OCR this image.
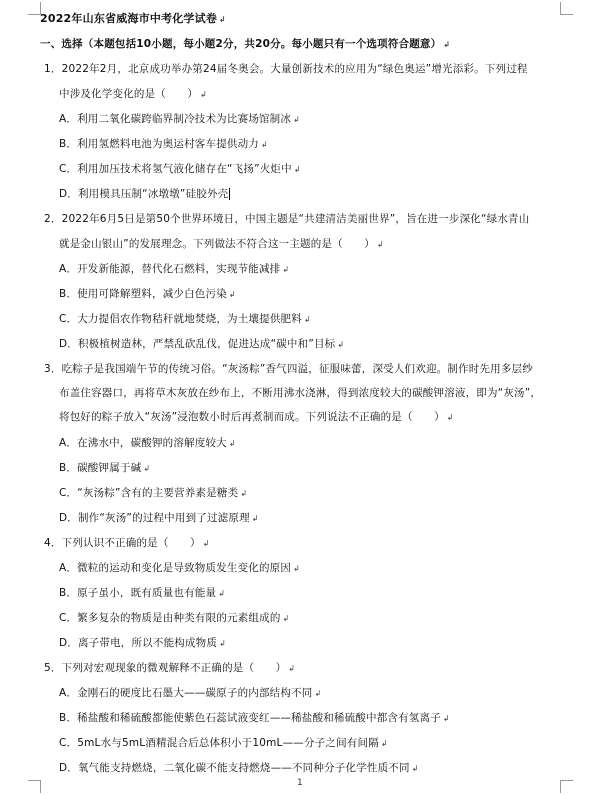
2022年山东省威海市中考化学试卷 ↲
一、选择（本题包括10小题，每小题2分，共20分。每小题只有一个选项符合题意） ↲
1．2022年2月，北京成功举办第24届冬奥会。大量创新技术的应用为“绿色奥运”增光添彩。下列过程
中涉及化学变化的是（　　） ↲
A．利用二氧化碳跨临界制冷技术为比赛场馆制冰 ↲
B．利用氢燃料电池为奥运村客车提供动力 ↲
C．利用加压技术将氢气液化储存在“飞扬”火炬中 ↲
D．利用模具压制“冰墩墩”硅胶外壳
2．2022年6月5日是第50个世界环境日，中国主题是“共建清洁美丽世界”，旨在进一步深化“绿水青山
就是金山银山”的发展理念。下列做法不符合这一主题的是（　　） ↲
A．开发新能源，替代化石燃料，实现节能减排 ↲
B．使用可降解塑料，减少白色污染 ↲
C．大力提倡农作物秸秆就地焚烧，为土壤提供肥料 ↲
D．积极植树造林，严禁乱砍乱伐，促进达成“碳中和”目标 ↲
3．吃粽子是我国端午节的传统习俗。“灰汤粽”香气四溢，征服味蕾，深受人们欢迎。制作时先用多层纱
布盖住容器口，再将草木灰放在纱布上，不断用沸水浇淋，得到浓度较大的碳酸钾溶液，即为“灰汤”，
将包好的粽子放入“灰汤”浸泡数小时后再煮制而成。下列说法不正确的是（　　） ↲
A．在沸水中，碳酸钾的溶解度较大 ↲
B．碳酸钾属于碱 ↲
C．“灰汤粽”含有的主要营养素是糖类 ↲
D．制作“灰汤”的过程中用到了过滤原理 ↲
4．下列认识不正确的是（　　） ↲
A．微粒的运动和变化是导致物质发生变化的原因 ↲
B．原子虽小，既有质量也有能量 ↲
C．繁多复杂的物质是由种类有限的元素组成的 ↲
D．离子带电，所以不能构成物质 ↲
5．下列对宏观现象的微观解释不正确的是（　　） ↲
A．金刚石的硬度比石墨大——碳原子的内部结构不同 ↲
B．稀盐酸和稀硫酸都能使紫色石蕊试液变红——稀盐酸和稀硫酸中都含有氢离子 ↲
C．5mL水与5mL酒精混合后总体积小于10mL——分子之间有间隔 ↲
D．氧气能支持燃烧，二氧化碳不能支持燃烧——不同种分子化学性质不同 ↲
1
